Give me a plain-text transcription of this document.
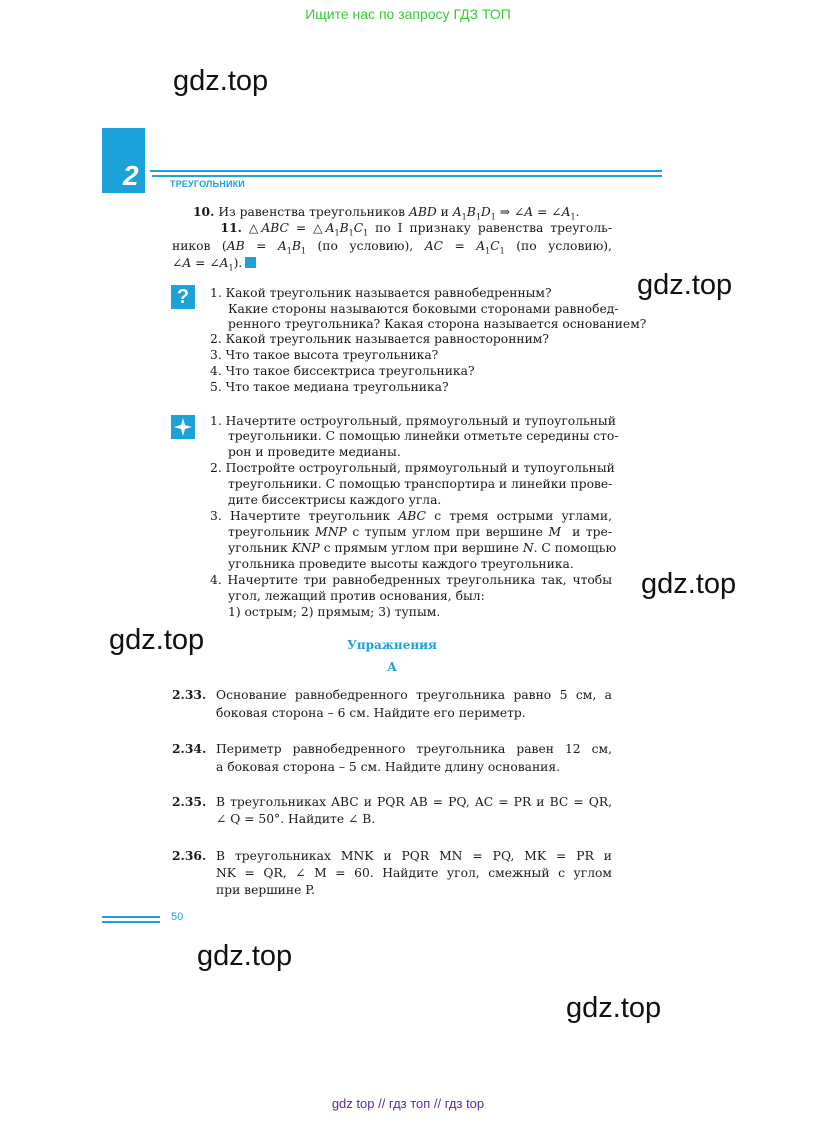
Ищите нас по запросу ГДЗ ТОП
gdz.top
gdz.top
gdz.top
gdz.top
gdz.top
gdz.top
2	ТРЕУГОЛЬНИКИ
10. Из равенства треугольников ABD и $A_1B_1D_1$ ⇒ ∠A = $\angle A_1$.
11. △ABC = $\triangle A_1B_1C_1$ по I признаку равенства треуголь-
ников ($AB = A_1B_1$ (по условию), AC = $A_1C_1$ (по условию),
∠A = $\angle A_1$).
?	1. Какой треугольник называется равнобедренным?
Какие стороны называются боковыми сторонами равнобед-
ренного треугольника? Какая сторона называется основанием?
2. Какой треугольник называется равносторонним?
3. Что такое высота треугольника?
4. Что такое биссектриса треугольника?
5. Что такое медиана треугольника?
1. Начертите остроугольный, прямоугольный и тупоугольный
треугольники. С помощью линейки отметьте середины сто-
рон и проведите медианы.
2. Постройте остроугольный, прямоугольный и тупоугольный
треугольники. С помощью транспортира и линейки прове-
дите биссектрисы каждого угла.
3. Начертите треугольник ABC с тремя острыми углами,
треугольник MNP с тупым углом при вершине M и тре-
угольник KNP с прямым углом при вершине N. С помощью
угольника проведите высоты каждого треугольника.
4. Начертите три равнобедренных треугольника так, чтобы
угол, лежащий против основания, был:
1) острым; 2) прямым; 3) тупым.
Упражнения
А
2.33. Основание равнобедренного треугольника равно 5 см, а
боковая сторона – 6 см. Найдите его периметр.
2.34. Периметр равнобедренного треугольника равен 12 см,
а боковая сторона – 5 см. Найдите длину основания.
2.35. В треугольниках ABC и PQR AB = PQ, AC = PR и BC = QR,
∠ Q = 50°. Найдите ∠ B.
2.36. В треугольниках MNK и PQR MN = PQ, MK = PR и
NK = QR, ∠ M = 60. Найдите угол, смежный с углом
при вершине P.
50
gdz top // гдз топ // гдз top
